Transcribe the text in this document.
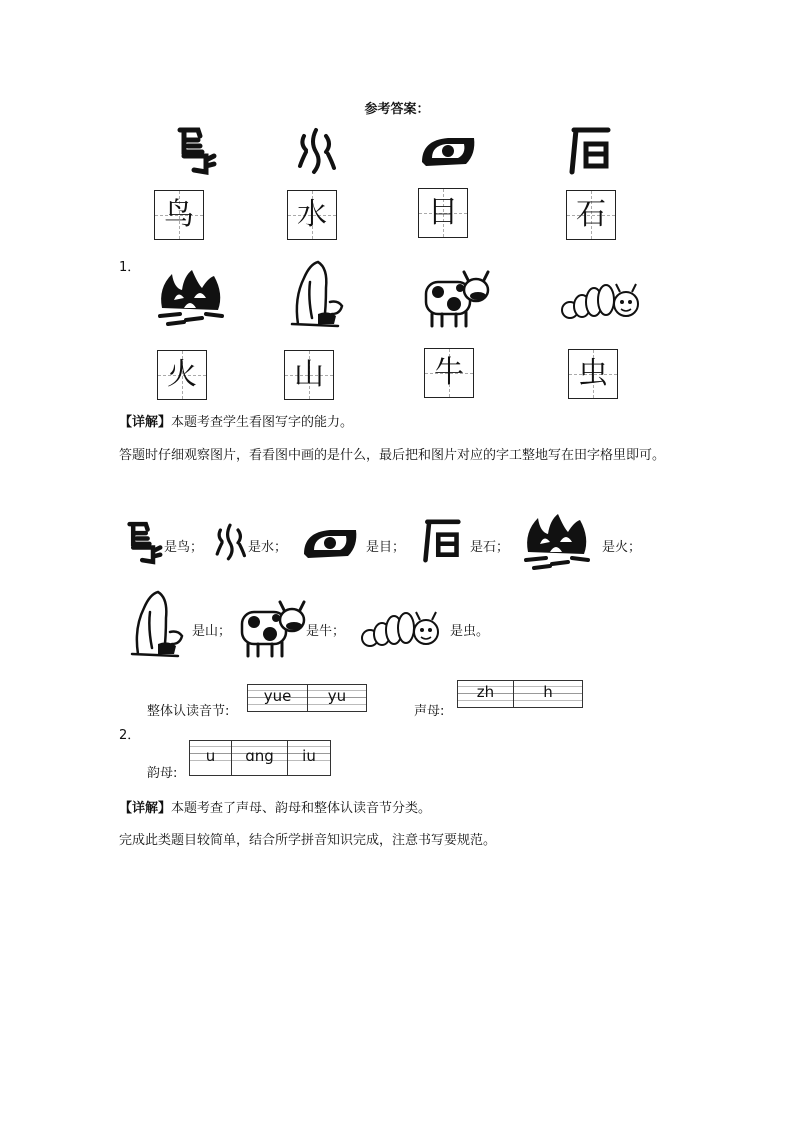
参考答案：
鸟	水	目	石
1．
火	山	牛	虫
【详解】本题考查学生看图写字的能力。
答题时仔细观察图片，看看图中画的是什么，最后把和图片对应的字工整地写在田字格里即可。
是鸟；	是水；	是目；	是石；	是火；
是山；	是牛；	是虫。
整体认读音节:
yue	yu
声母:
zh	h
2．
韵母:
u	ɑng	iu
【详解】本题考查了声母、韵母和整体认读音节分类。
完成此类题目较简单，结合所学拼音知识完成，注意书写要规范。
